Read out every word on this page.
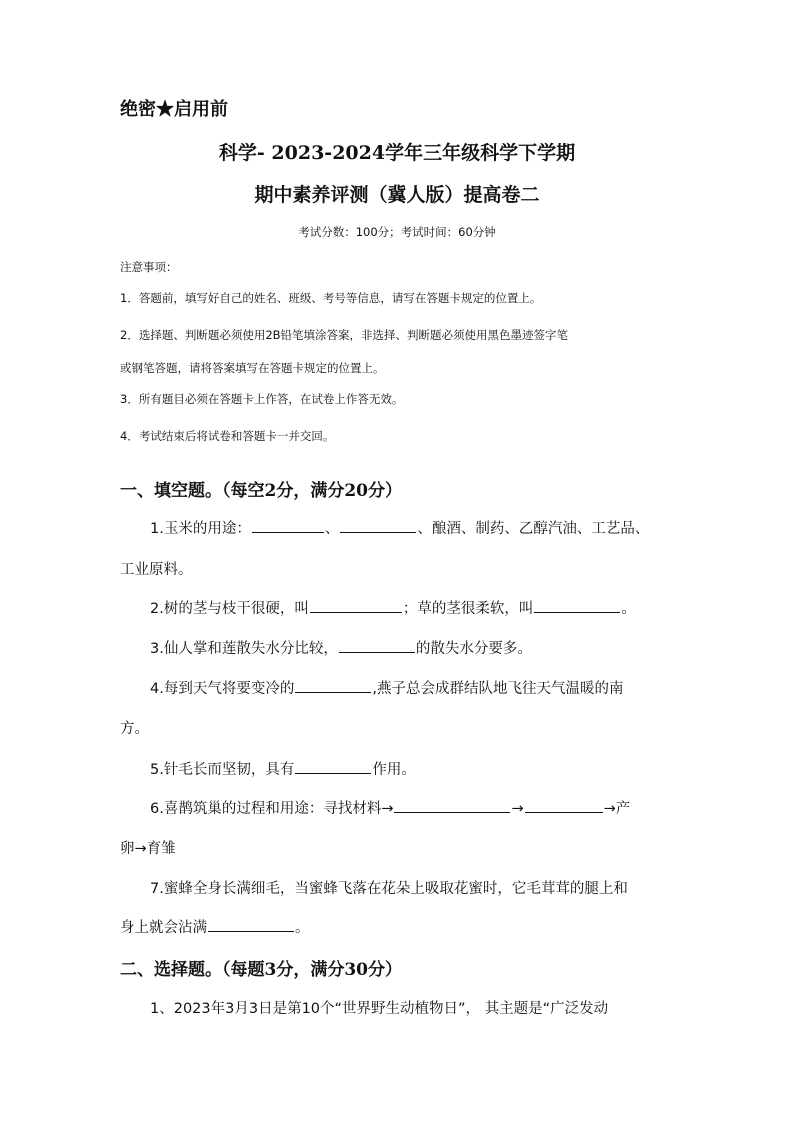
绝密★启用前
科学- 2023-2024学年三年级科学下学期
期中素养评测（冀人版）提高卷二
考试分数：100分；考试时间：60分钟
注意事项：
1．答题前，填写好自己的姓名、班级、考号等信息，请写在答题卡规定的位置上。
2．选择题、判断题必须使用2B铅笔填涂答案，非选择、判断题必须使用黑色墨迹签字笔
或钢笔答题，请将答案填写在答题卡规定的位置上。
3．所有题目必须在答题卡上作答，在试卷上作答无效。
4．考试结束后将试卷和答题卡一并交回。
一、填空题。（每空2分，满分20分）
1.玉米的用途：	、	、酿酒、制药、乙醇汽油、工艺品、
工业原料。
2.树的茎与枝干很硬，叫	；草的茎很柔软，叫	。
3.仙人掌和莲散失水分比较，	的散失水分要多。
4.每到天气将要变冷的	,燕子总会成群结队地飞往天气温暖的南
方。
5.针毛长而坚韧，具有	作用。
6.喜鹊筑巢的过程和用途：寻找材料→	→	→产
卵→育雏
7.蜜蜂全身长满细毛，当蜜蜂飞落在花朵上吸取花蜜时，它毛茸茸的腿上和
身上就会沾满	。
二、选择题。（每题3分，满分30分）
1、2023年3月3日是第10个“世界野生动植物日”， 其主题是“广泛发动
